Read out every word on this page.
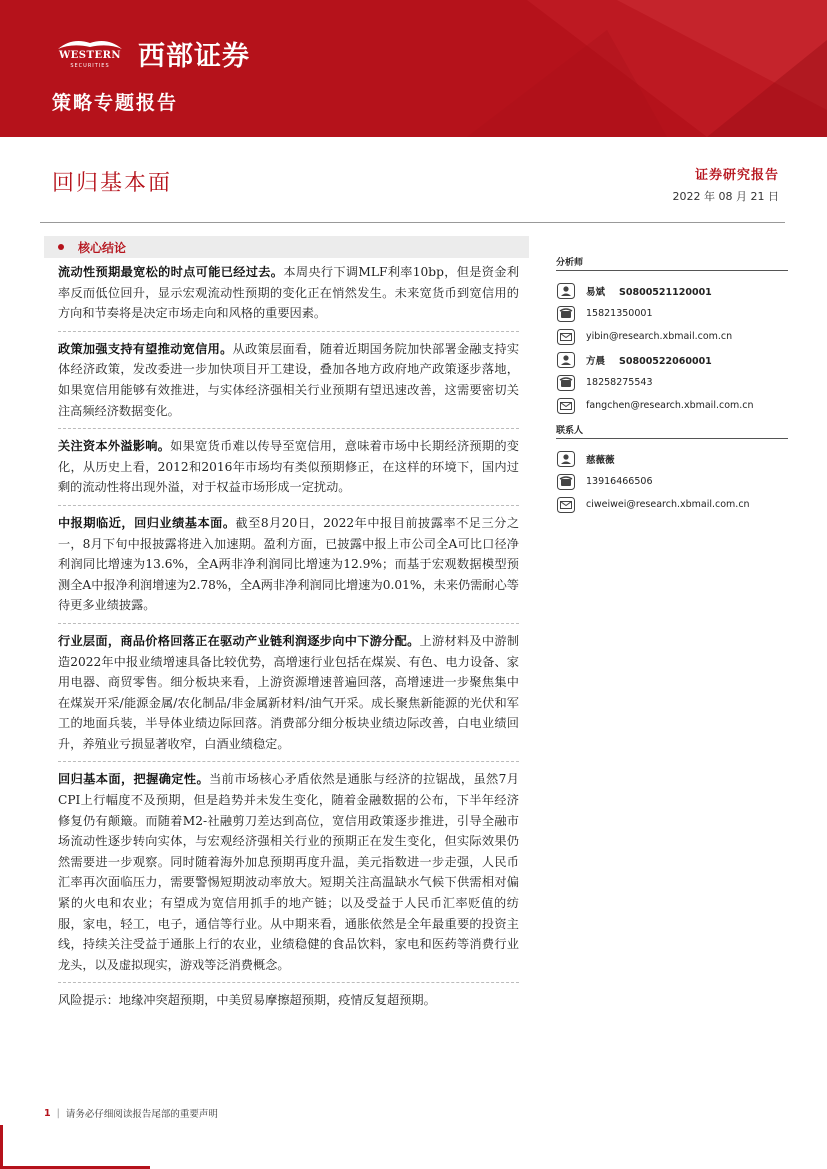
WESTERN
SECURITIES	西部证券
策略专题报告
回归基本面	证券研究报告
2022 年 08 月 21 日
核心结论

流动性预期最宽松的时点可能已经过去。本周央行下调MLF利率10bp，但是资金利率反而低位回升，显示宏观流动性预期的变化正在悄然发生。未来宽货币到宽信用的方向和节奏将是决定市场走向和风格的重要因素。

政策加强支持有望推动宽信用。从政策层面看，随着近期国务院加快部署金融支持实体经济政策，发改委进一步加快项目开工建设，叠加各地方政府地产政策逐步落地，如果宽信用能够有效推进，与实体经济强相关行业预期有望迅速改善，这需要密切关注高频经济数据变化。

关注资本外溢影响。如果宽货币难以传导至宽信用，意味着市场中长期经济预期的变化，从历史上看，2012和2016年市场均有类似预期修正，在这样的环境下，国内过剩的流动性将出现外溢，对于权益市场形成一定扰动。

中报期临近，回归业绩基本面。截至8月20日，2022年中报目前披露率不足三分之一，8月下旬中报披露将进入加速期。盈利方面，已披露中报上市公司全A可比口径净利润同比增速为13.6%，全A两非净利润同比增速为12.9%；而基于宏观数据模型预测全A中报净利润增速为2.78%，全A两非净利润同比增速为0.01%，未来仍需耐心等待更多业绩披露。

行业层面，商品价格回落正在驱动产业链利润逐步向中下游分配。上游材料及中游制造2022年中报业绩增速具备比较优势，高增速行业包括在煤炭、有色、电力设备、家用电器、商贸零售。细分板块来看，上游资源增速普遍回落，高增速进一步聚焦集中在煤炭开采/能源金属/农化制品/非金属新材料/油气开采。成长聚焦新能源的光伏和军工的地面兵装，半导体业绩边际回落。消费部分细分板块业绩边际改善，白电业绩回升，养殖业亏损显著收窄，白酒业绩稳定。

回归基本面，把握确定性。当前市场核心矛盾依然是通胀与经济的拉锯战，虽然7月CPI上行幅度不及预期，但是趋势并未发生变化，随着金融数据的公布，下半年经济修复仍有颠簸。而随着M2-社融剪刀差达到高位，宽信用政策逐步推进，引导全融市场流动性逐步转向实体，与宏观经济强相关行业的预期正在发生变化，但实际效果仍然需要进一步观察。同时随着海外加息预期再度升温，美元指数进一步走强，人民币汇率再次面临压力，需要警惕短期波动率放大。短期关注高温缺水气候下供需相对偏紧的火电和农业；有望成为宽信用抓手的地产链；以及受益于人民币汇率贬值的纺服，家电，轻工，电子，通信等行业。从中期来看，通胀依然是全年最重要的投资主线，持续关注受益于通胀上行的农业，业绩稳健的食品饮料，家电和医药等消费行业龙头，以及虚拟现实，游戏等泛消费概念。

风险提示：地缘冲突超预期，中美贸易摩擦超预期，疫情反复超预期。

分析师
易斌 S0800521120001
15821350001
yibin@research.xbmail.com.cn
方晨 S0800522060001
18258275543
fangchen@research.xbmail.com.cn
联系人
慈薇薇
13916466506
ciweiwei@research.xbmail.com.cn
1 | 请务必仔细阅读报告尾部的重要声明
